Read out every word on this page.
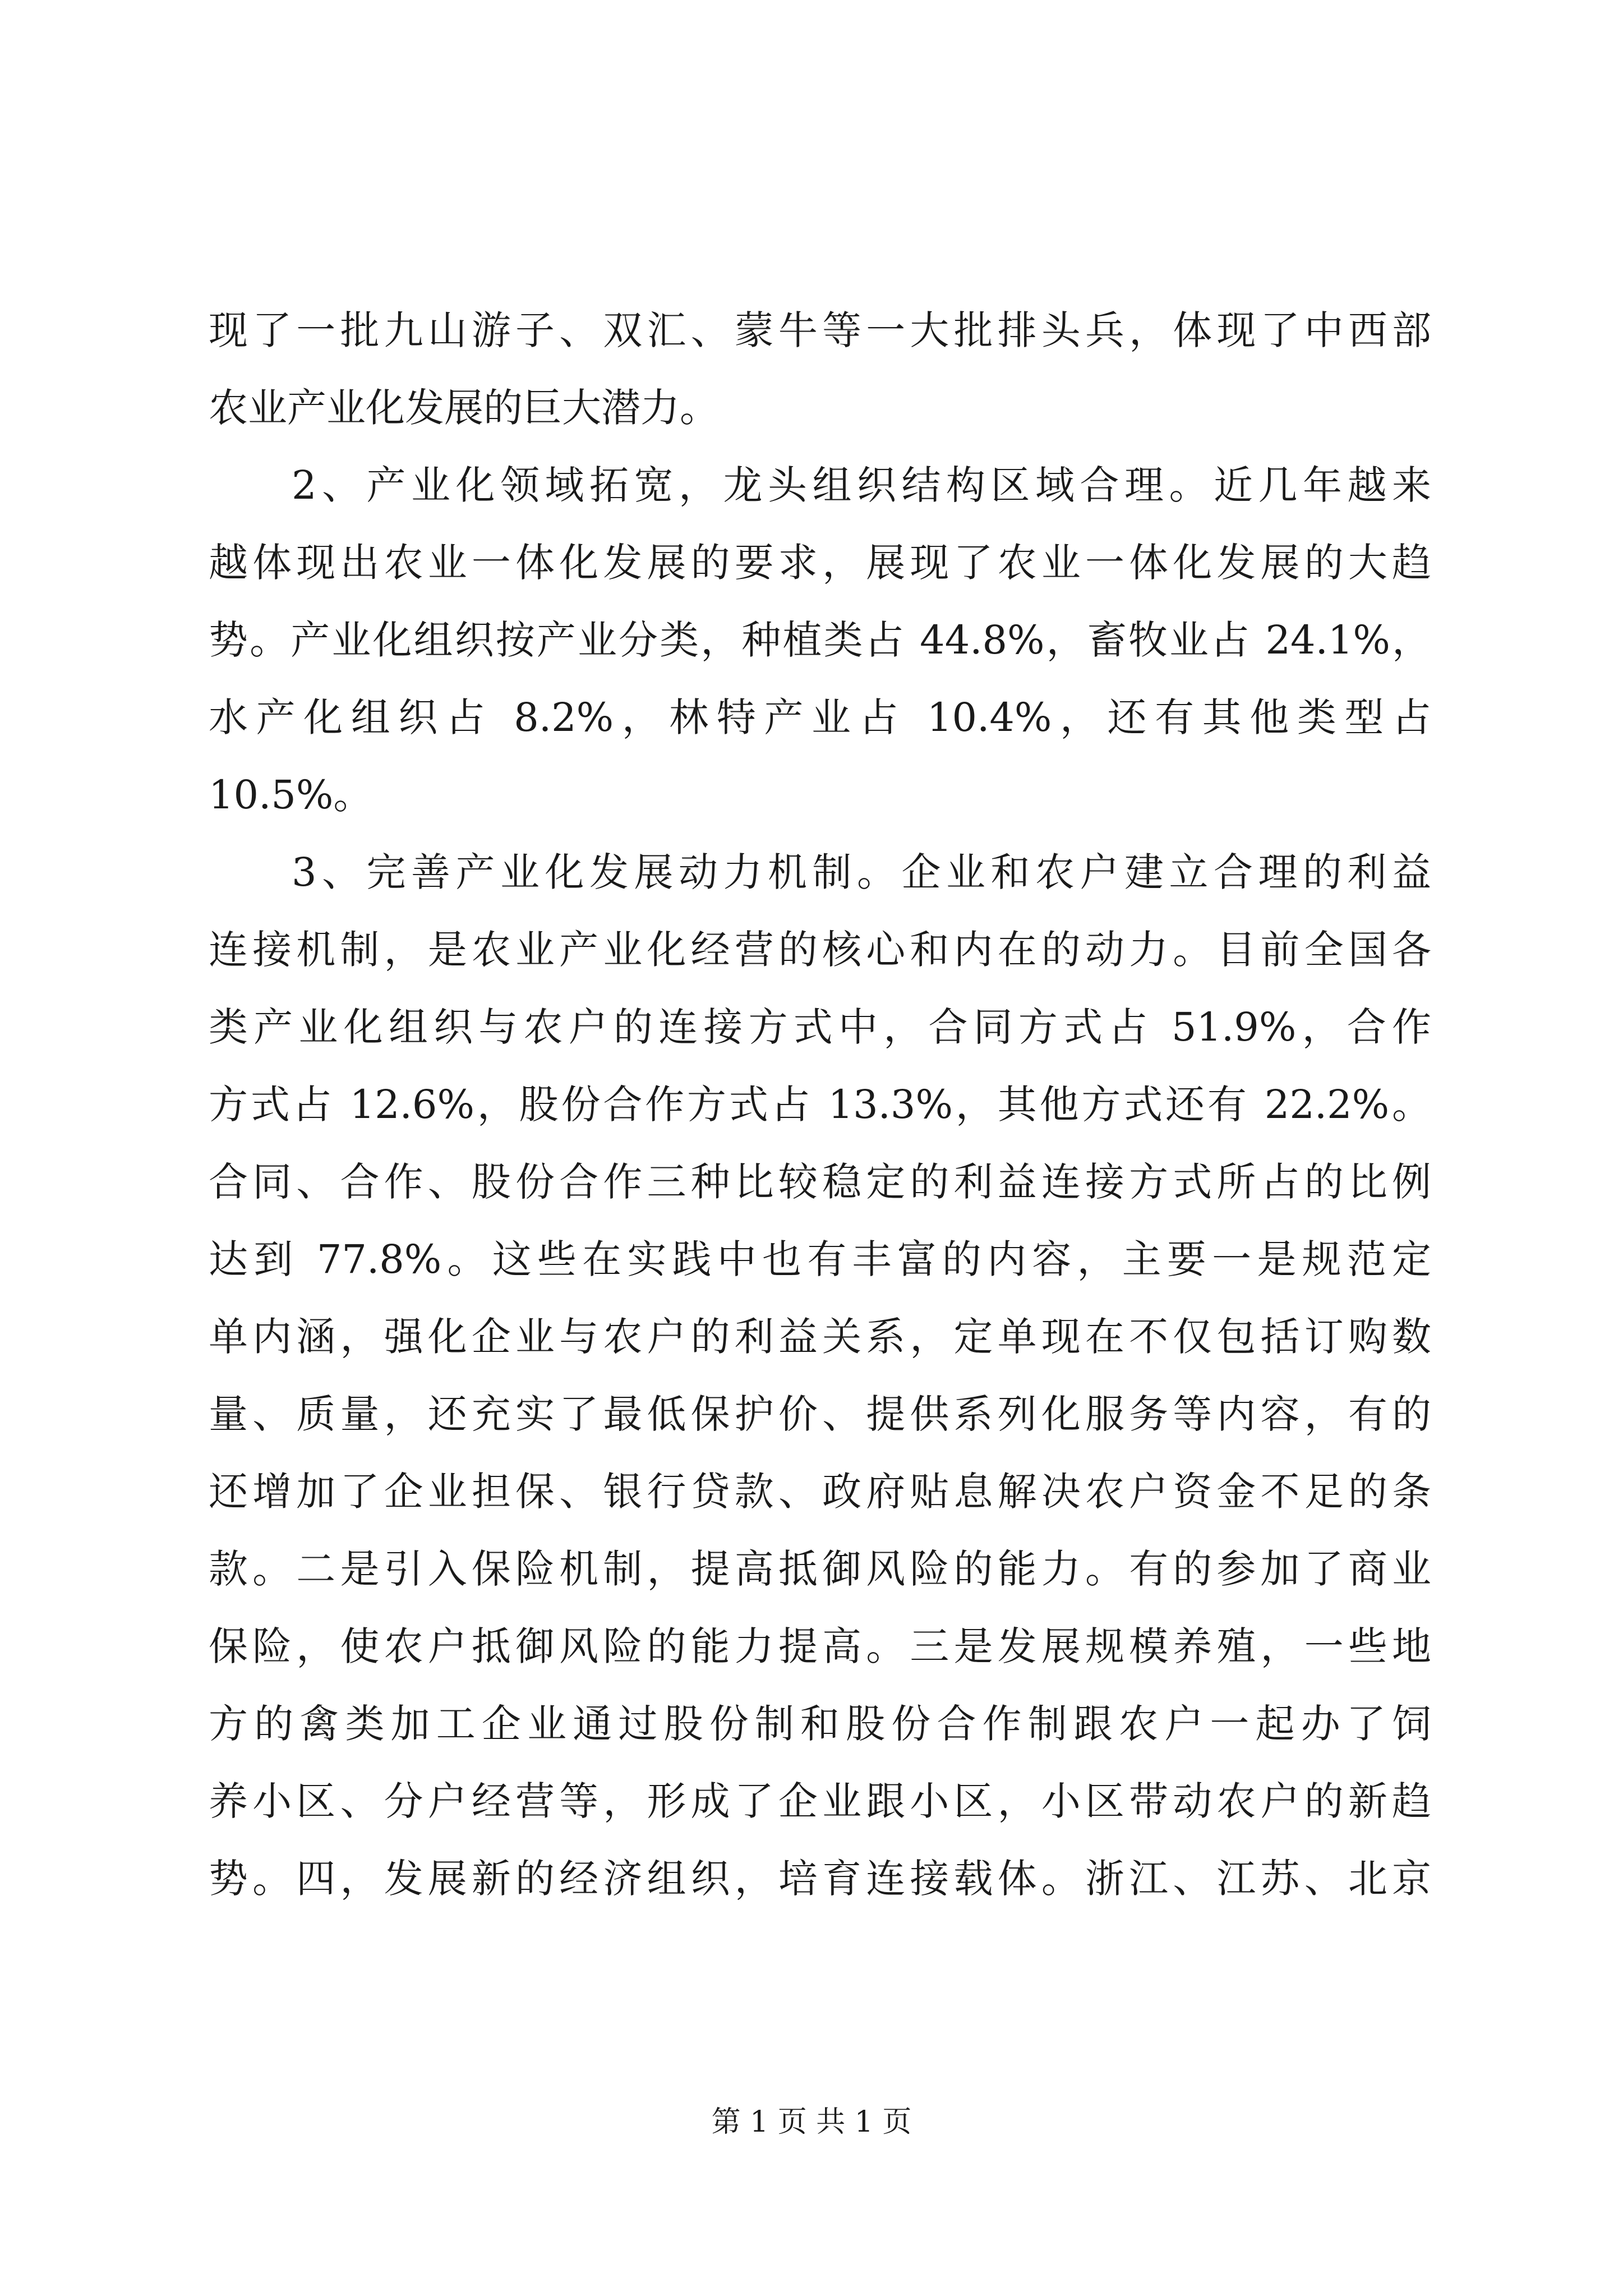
现了一批九山游子、双汇、蒙牛等一大批排头兵，体现了中西部
农业产业化发展的巨大潜力。
2、产业化领域拓宽，龙头组织结构区域合理。近几年越来
越体现出农业一体化发展的要求，展现了农业一体化发展的大趋
势。产业化组织按产业分类，种植类占 44.8%，畜牧业占 24.1%，
水产化组织占 8.2%，林特产业占 10.4%，还有其他类型占
10.5%。
3、完善产业化发展动力机制。企业和农户建立合理的利益
连接机制，是农业产业化经营的核心和内在的动力。目前全国各
类产业化组织与农户的连接方式中，合同方式占 51.9%，合作
方式占 12.6%，股份合作方式占 13.3%，其他方式还有 22.2%。
合同、合作、股份合作三种比较稳定的利益连接方式所占的比例
达到 77.8%。这些在实践中也有丰富的内容，主要一是规范定
单内涵，强化企业与农户的利益关系，定单现在不仅包括订购数
量、质量，还充实了最低保护价、提供系列化服务等内容，有的
还增加了企业担保、银行贷款、政府贴息解决农户资金不足的条
款。二是引入保险机制，提高抵御风险的能力。有的参加了商业
保险，使农户抵御风险的能力提高。三是发展规模养殖，一些地
方的禽类加工企业通过股份制和股份合作制跟农户一起办了饲
养小区、分户经营等，形成了企业跟小区，小区带动农户的新趋
势。四，发展新的经济组织，培育连接载体。浙江、江苏、北京
第 1 页 共 1 页
